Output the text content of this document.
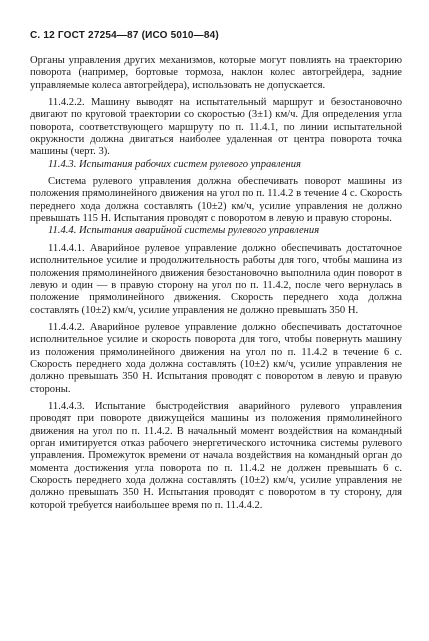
С. 12 ГОСТ 27254—87 (ИСО 5010—84)

Органы управления других механизмов, которые могут повлиять на траекторию поворота (например, бортовые тормоза, наклон колес автогрейдера, задние управляемые колеса автогрейдера), использовать не допускается.

11.4.2.2. Машину выводят на испытательный маршрут и безостановочно двигают по круговой траектории со скоростью (3±1) км/ч. Для определения угла поворота, соответствующего маршруту по п. 11.4.1, по линии испытательной окружности должна двигаться наиболее удаленная от центра поворота точка машины (черт. 3).

11.4.3. Испытания рабочих систем рулевого управления

Система рулевого управления должна обеспечивать поворот машины из положения прямолинейного движения на угол по п. 11.4.2 в течение 4 с. Скорость переднего хода должна составлять (10±2) км/ч, усилие управления не должно превышать 115 Н. Испытания проводят с поворотом в левую и правую стороны.

11.4.4. Испытания аварийной системы рулевого управления

11.4.4.1. Аварийное рулевое управление должно обеспечивать достаточное исполнительное усилие и продолжительность работы для того, чтобы машина из положения прямолинейного движения безостановочно выполнила один поворот в левую и один — в правую сторону на угол по п. 11.4.2, после чего вернулась в положение прямолинейного движения. Скорость переднего хода должна составлять (10±2) км/ч, усилие управления не должно превышать 350 Н.

11.4.4.2. Аварийное рулевое управление должно обеспечивать достаточное исполнительное усилие и скорость поворота для того, чтобы повернуть машину из положения прямолинейного движения на угол по п. 11.4.2 в течение 6 с. Скорость переднего хода должна составлять (10±2) км/ч, усилие управления не должно превышать 350 Н. Испытания проводят с поворотом в левую и правую стороны.

11.4.4.3. Испытание быстродействия аварийного рулевого управления проводят при повороте движущейся машины из положения прямолинейного движения на угол по п. 11.4.2. В начальный момент воздействия на командный орган имитируется отказ рабочего энергетического источника системы рулевого управления. Промежуток времени от начала воздействия на командный орган до момента достижения угла поворота по п. 11.4.2 не должен превышать 6 с. Скорость переднего хода должна составлять (10±2) км/ч, усилие управления не должно превышать 350 Н. Испытания проводят с поворотом в ту сторону, для которой требуется наибольшее время по п. 11.4.4.2.
